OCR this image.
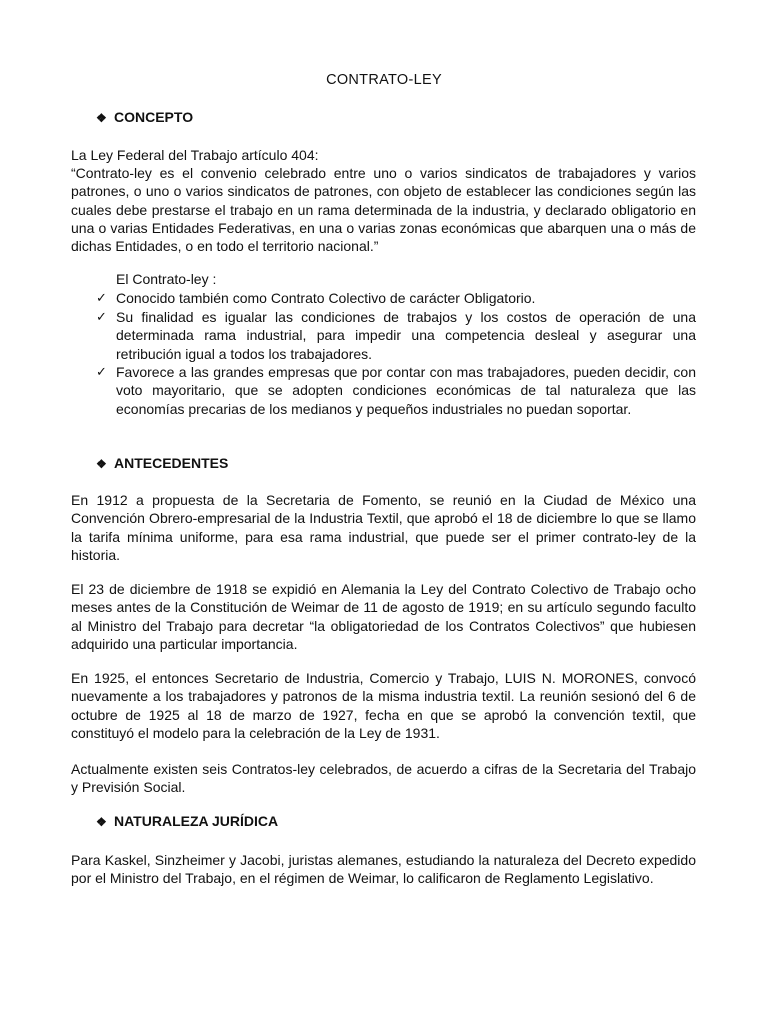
CONTRATO-LEY
❖ CONCEPTO

La Ley Federal del Trabajo artículo 404:

“Contrato-ley es el convenio celebrado entre uno o varios sindicatos de trabajadores y varios patrones, o uno o varios sindicatos de patrones, con objeto de establecer las condiciones según las cuales debe prestarse el trabajo en un rama determinada de la industria, y declarado obligatorio en una o varias Entidades Federativas, en una o varias zonas económicas que abarquen una o más de dichas Entidades, o en todo el territorio nacional.”

El Contrato-ley :
✓ Conocido también como Contrato Colectivo de carácter Obligatorio.
✓ Su finalidad es igualar las condiciones de trabajos y los costos de operación de una determinada rama industrial, para impedir una competencia desleal y asegurar una retribución igual a todos los trabajadores.
✓ Favorece a las grandes empresas que por contar con mas trabajadores, pueden decidir, con voto mayoritario, que se adopten condiciones económicas de tal naturaleza que las economías precarias de los medianos y pequeños industriales no puedan soportar.
❖ ANTECEDENTES

En 1912 a propuesta de la Secretaria de Fomento, se reunió en la Ciudad de México una Convención Obrero-empresarial de la Industria Textil, que aprobó el 18 de diciembre lo que se llamo la tarifa mínima uniforme, para esa rama industrial, que puede ser el primer contrato-ley de la historia.

El 23 de diciembre de 1918 se expidió en Alemania la Ley del Contrato Colectivo de Trabajo ocho meses antes de la Constitución de Weimar de 11 de agosto de 1919; en su artículo segundo faculto al Ministro del Trabajo para decretar “la obligatoriedad de los Contratos Colectivos” que hubiesen adquirido una particular importancia.

En 1925, el entonces Secretario de Industria, Comercio y Trabajo, LUIS N. MORONES, convocó nuevamente a los trabajadores y patronos de la misma industria textil. La reunión sesionó del 6 de octubre de 1925 al 18 de marzo de 1927, fecha en que se aprobó la convención textil, que constituyó el modelo para la celebración de la Ley de 1931.

Actualmente existen seis Contratos-ley celebrados, de acuerdo a cifras de la Secretaria del Trabajo y Previsión Social.

❖ NATURALEZA JURÍDICA

Para Kaskel, Sinzheimer y Jacobi, juristas alemanes, estudiando la naturaleza del Decreto expedido por el Ministro del Trabajo, en el régimen de Weimar, lo calificaron de Reglamento Legislativo.
